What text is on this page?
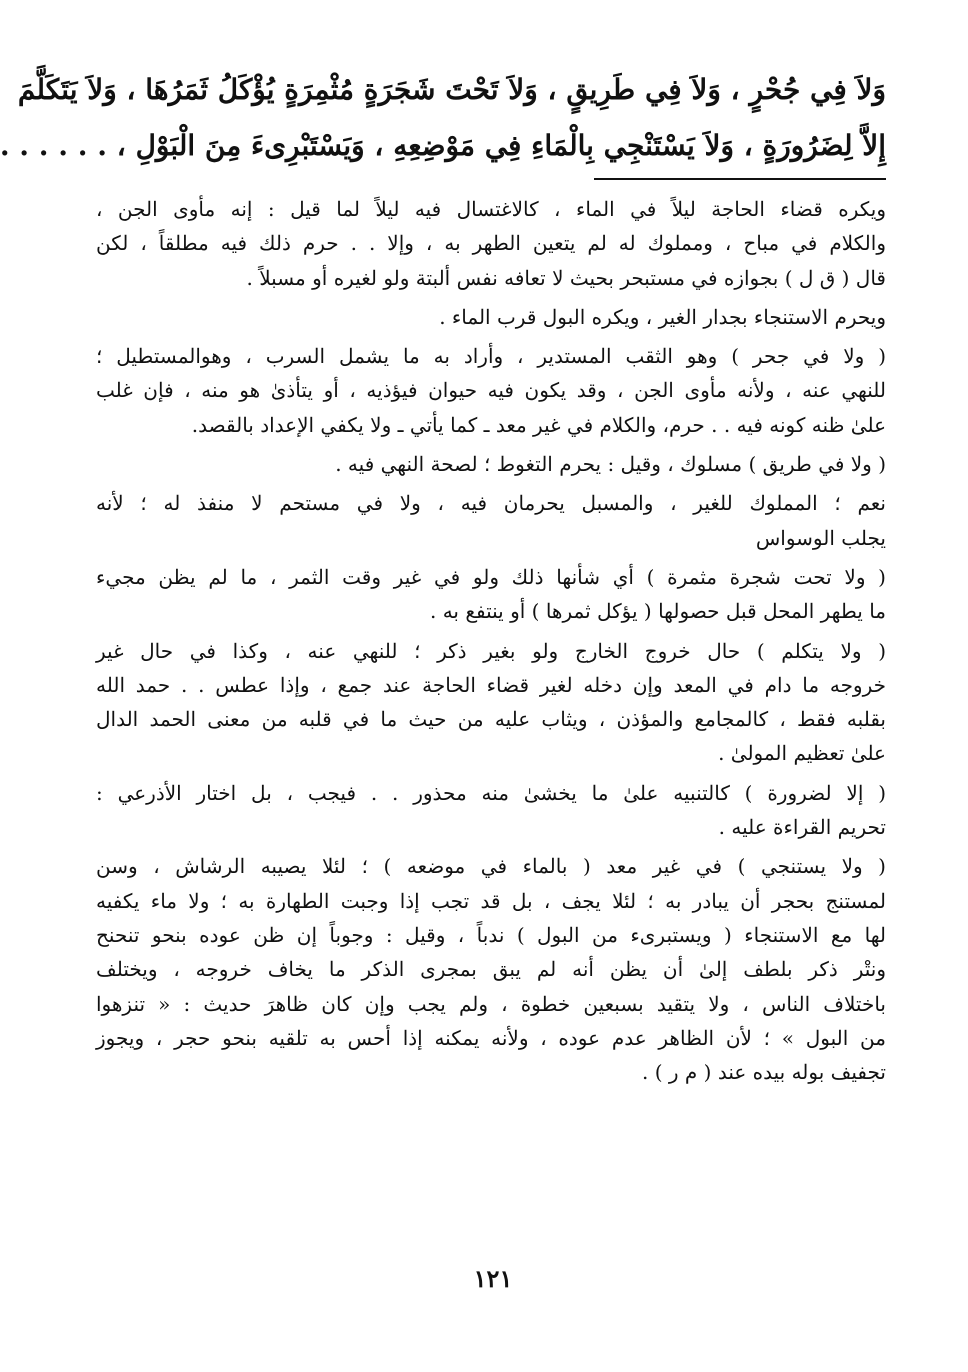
وَلاَ فِي جُحْرٍ ، وَلاَ فِي طَرِيقٍ ، وَلاَ تَحْتَ شَجَرَةٍ مُثْمِرَةٍ يُؤْكَلُ ثَمَرُهَا ، وَلاَ يَتَكَلَّمَ
إِلاَّ لِضَرُورَةٍ ، وَلاَ يَسْتَنْجِي بِالْمَاءِ فِي مَوْضِعِهِ ، وَيَسْتَبْرِىءَ مِنَ الْبَوْلِ ، . . . . . .
ويكره قضاء الحاجة ليلاً في الماء ، كالاغتسال فيه ليلاً لما قيل : إنه مأوى الجن ،
والكلام في مباح ، ومملوك له لم يتعين الطهر به ، وإلا . . حرم ذلك فيه مطلقاً ، لكن
قال ( ق ل ) بجوازه في مستبحر بحيث لا تعافه نفس ألبتة ولو لغيره أو مسبلاً .
ويحرم الاستنجاء بجدار الغير ، ويكره البول قرب الماء .
( ولا في جحر ) وهو الثقب المستدير ، وأراد به ما يشمل السرب ، وهوالمستطيل ؛
للنهي عنه ، ولأنه مأوى الجن ، وقد يكون فيه حيوان فيؤذيه ، أو يتأذىٰ هو منه ، فإن غلب
علىٰ ظنه كونه فيه . . حرم، والكلام في غير معد ـ كما يأتي ـ ولا يكفي الإعداد بالقصد.
( ولا في طريق ) مسلوك ، وقيل : يحرم التغوط ؛ لصحة النهي فيه .
نعم ؛ المملوك للغير ، والمسبل يحرمان فيه ، ولا في مستحم لا منفذ له ؛ لأنه
يجلب الوسواس
( ولا تحت شجرة مثمرة ) أي شأنها ذلك ولو في غير وقت الثمر ، ما لم يظن مجيء
ما يطهر المحل قبل حصولها ( يؤكل ثمرها ) أو ينتفع به .
( ولا يتكلم ) حال خروج الخارج ولو بغير ذكر ؛ للنهي عنه ، وكذا في حال غير
خروجه ما دام في المعد وإن دخله لغير قضاء الحاجة عند جمع ، وإذا عطس . . حمد الله
بقلبه فقط ، كالمجامع والمؤذن ، ويثاب عليه من حيث ما في قلبه من معنى الحمد الدال
علىٰ تعظيم المولىٰ .
( إلا لضرورة ) كالتنبيه علىٰ ما يخشىٰ منه محذور . . فيجب ، بل اختار الأذرعي :
تحريم القراءة عليه .
( ولا يستنجي ) في غير معد ( بالماء في موضعه ) ؛ لئلا يصيبه الرشاش ، وسن
لمستنج بحجر أن يبادر به ؛ لئلا يجف ، بل قد تجب إذا وجبت الطهارة به ؛ ولا ماء يكفيه
لها مع الاستنجاء ( ويستبرىء من البول ) ندباً ، وقيل : وجوباً إن ظن عوده بنحو تنحنح
ونتْر ذكر بلطف إلىٰ أن يظن أنه لم يبق بمجرى الذكر ما يخاف خروجه ، ويختلف
باختلاف الناس ، ولا يتقيد بسبعين خطوة ، ولم يجب وإن كان ظاهرَ حديث : « تنزهوا
من البول » ؛ لأن الظاهر عدم عوده ، ولأنه يمكنه إذا أحس به تلقيه بنحو حجر ، ويجوز
تجفيف بوله بيده عند ( م ر ) .
١٢١
